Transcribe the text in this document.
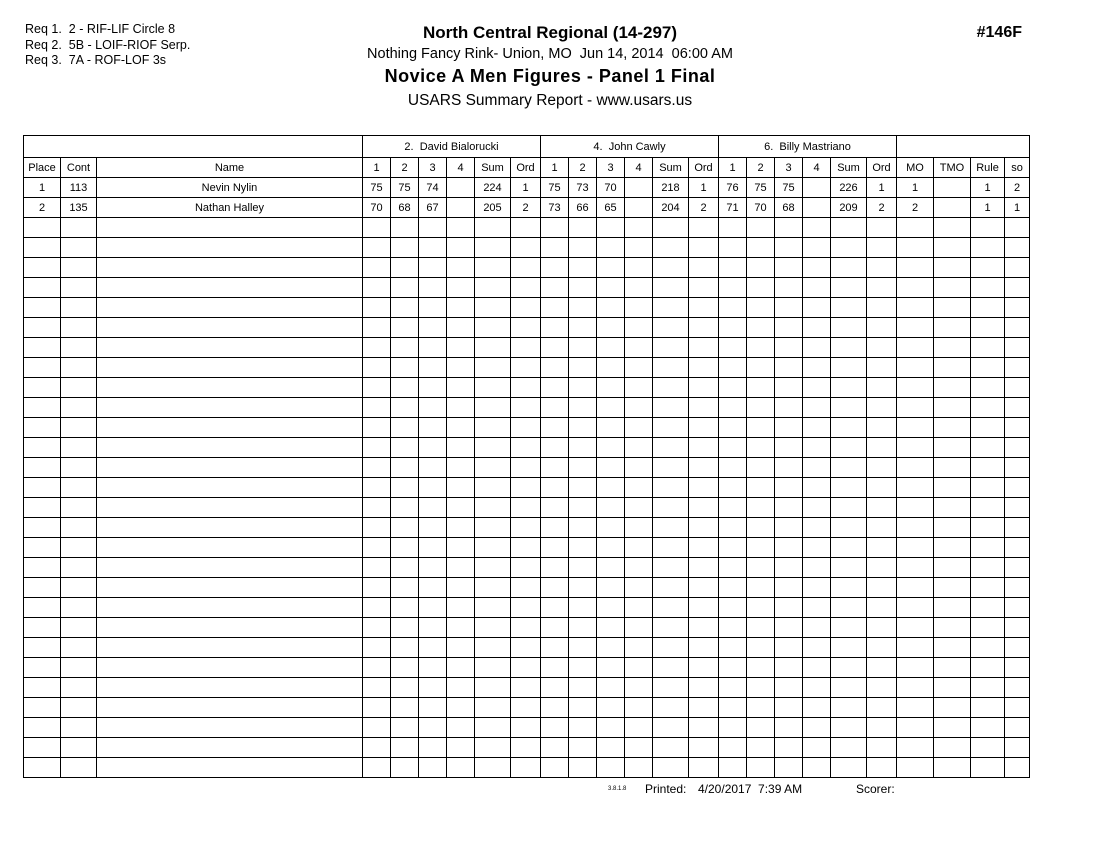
Req 1.  2 - RIF-LIF Circle 8
Req 2.  5B - LOIF-RIOF Serp.
Req 3.  7A - ROF-LOF 3s
North Central Regional (14-297)
Nothing Fancy Rink- Union, MO  Jun 14, 2014  06:00 AM
Novice A Men Figures - Panel 1 Final
USARS Summary Report - www.usars.us
#146F
			2.  David Bialorucki						4.  John Cawly						6.  Billy Mastriano									
Place	Cont	Name	1	2	3	4	Sum	Ord	1	2	3	4	Sum	Ord	1	2	3	4	Sum	Ord	MO	TMO	Rule	so
1	113	Nevin Nylin	75	75	74		224	1	75	73	70		218	1	76	75	75		226	1	1		1	2
2	135	Nathan Halley	70	68	67		205	2	73	66	65		204	2	71	70	68		209	2	2		1	1

3.8.1.8 Printed: 4/20/2017  7:39 AM	Scorer:
